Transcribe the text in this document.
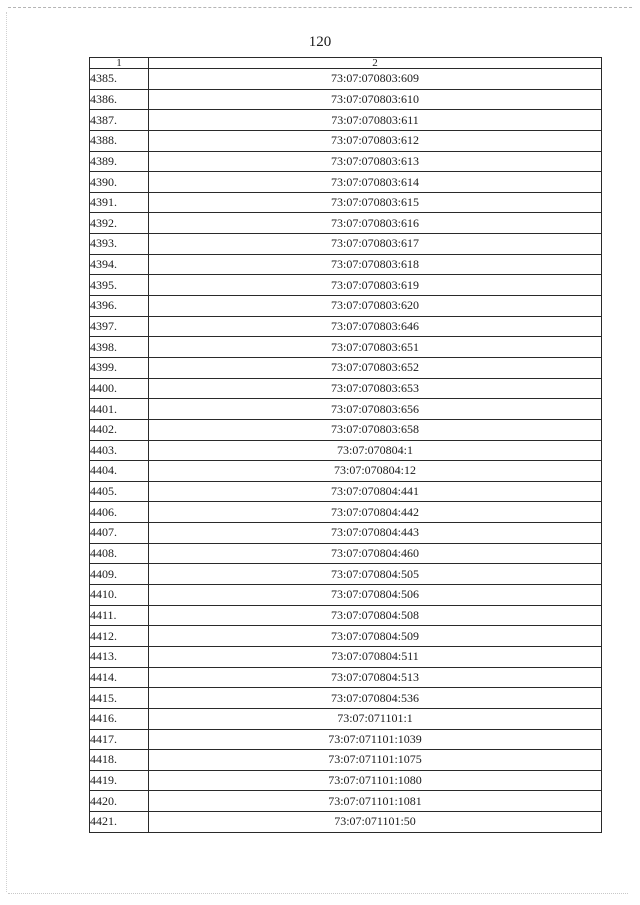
120
1	2
4385.	73:07:070803:609
4386.	73:07:070803:610
4387.	73:07:070803:611
4388.	73:07:070803:612
4389.	73:07:070803:613
4390.	73:07:070803:614
4391.	73:07:070803:615
4392.	73:07:070803:616
4393.	73:07:070803:617
4394.	73:07:070803:618
4395.	73:07:070803:619
4396.	73:07:070803:620
4397.	73:07:070803:646
4398.	73:07:070803:651
4399.	73:07:070803:652
4400.	73:07:070803:653
4401.	73:07:070803:656
4402.	73:07:070803:658
4403.	73:07:070804:1
4404.	73:07:070804:12
4405.	73:07:070804:441
4406.	73:07:070804:442
4407.	73:07:070804:443
4408.	73:07:070804:460
4409.	73:07:070804:505
4410.	73:07:070804:506
4411.	73:07:070804:508
4412.	73:07:070804:509
4413.	73:07:070804:511
4414.	73:07:070804:513
4415.	73:07:070804:536
4416.	73:07:071101:1
4417.	73:07:071101:1039
4418.	73:07:071101:1075
4419.	73:07:071101:1080
4420.	73:07:071101:1081
4421.	73:07:071101:50
